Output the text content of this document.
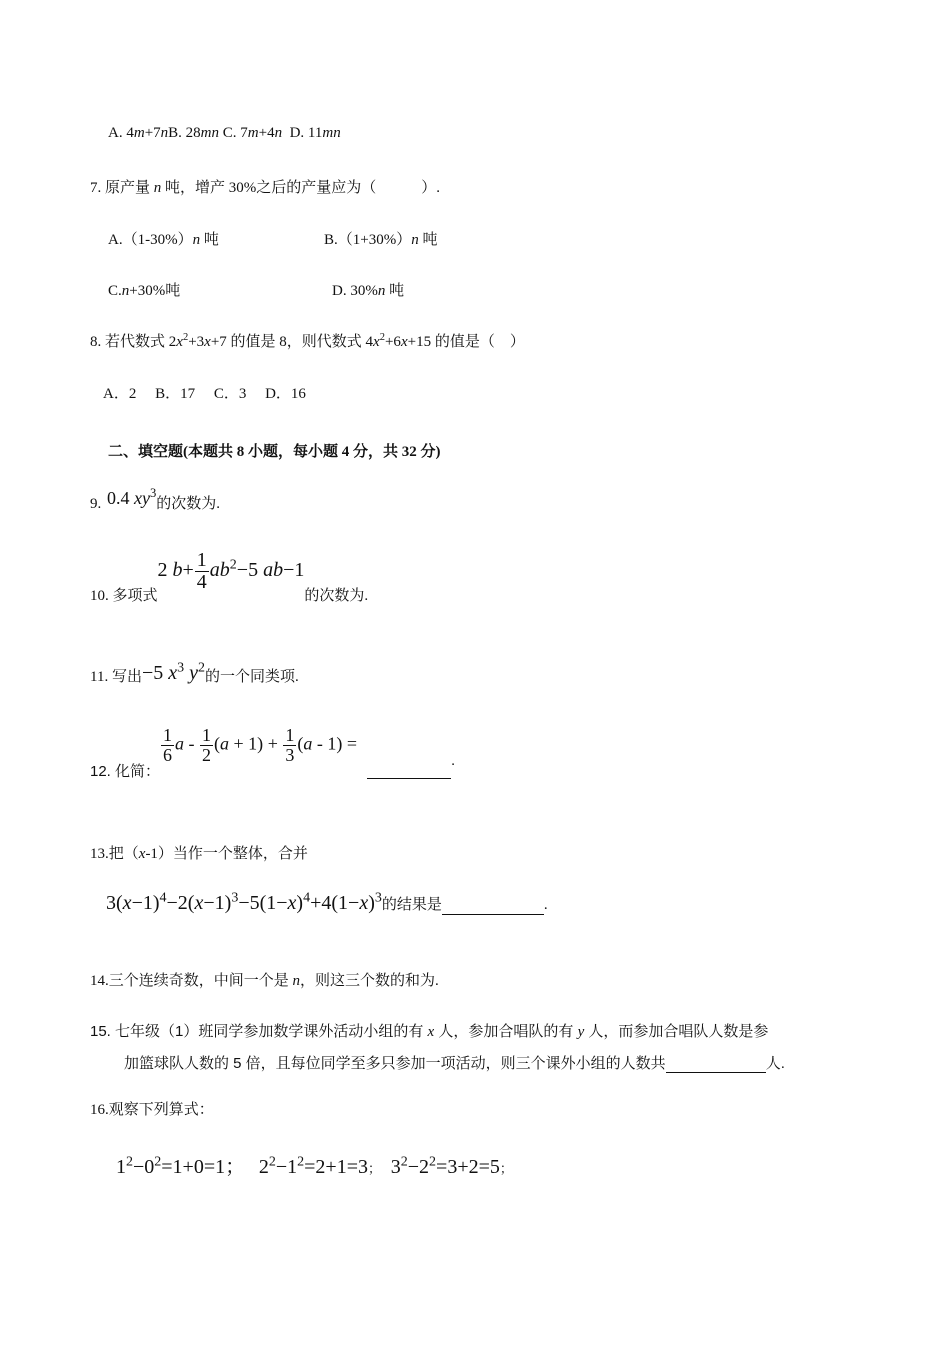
A. 4m+7nB. 28mn C. 7m+4n  D. 11mn
7. 原产量 n 吨，增产 30%之后的产量应为（　　　）.
A.（1-30%）n 吨	B.（1+30%）n 吨
C.n+30%吨	D. 30%n 吨
8. 若代数式 $2x^2+3x+7$ 的值是 8，则代数式 $4x^2+6x+15$ 的值是（　）
A．2　 B．17　 C．3　 D．16
二、填空题(本题共 8 小题，每小题 4 分，共 32 分)
9. 0.4 $xy^3$的次数为.
10. 多项式2 $b+ \frac{1}{4} ab^2-5$ ab−1的次数为.
11. 写出−5 $x^3$ $y^2$的一个同类项.
12. 化简：
$\frac{1}{6}$ $a - \frac{1}{2} (a + 1) + \frac{1}{3} (a - 1)$ =.
13.把（x-1）当作一个整体，合并
$3(x-1)^4-2(x-1)^3-5(1-x)^4+4(1-x)^3$的结果是	.
14.三个连续奇数，中间一个是 n，则这三个数的和为.
15. 七年级（1）班同学参加数学课外活动小组的有 x 人，参加合唱队的有 y 人，而参加合唱队人数是参
加篮球队人数的 5 倍，且每位同学至多只参加一项活动，则三个课外小组的人数共	人.
16.观察下列算式：
$1^2-0^2=1+0=1$； $2^2-1^2=2+1=3$； $3^2-2^2=3+2=5$；
